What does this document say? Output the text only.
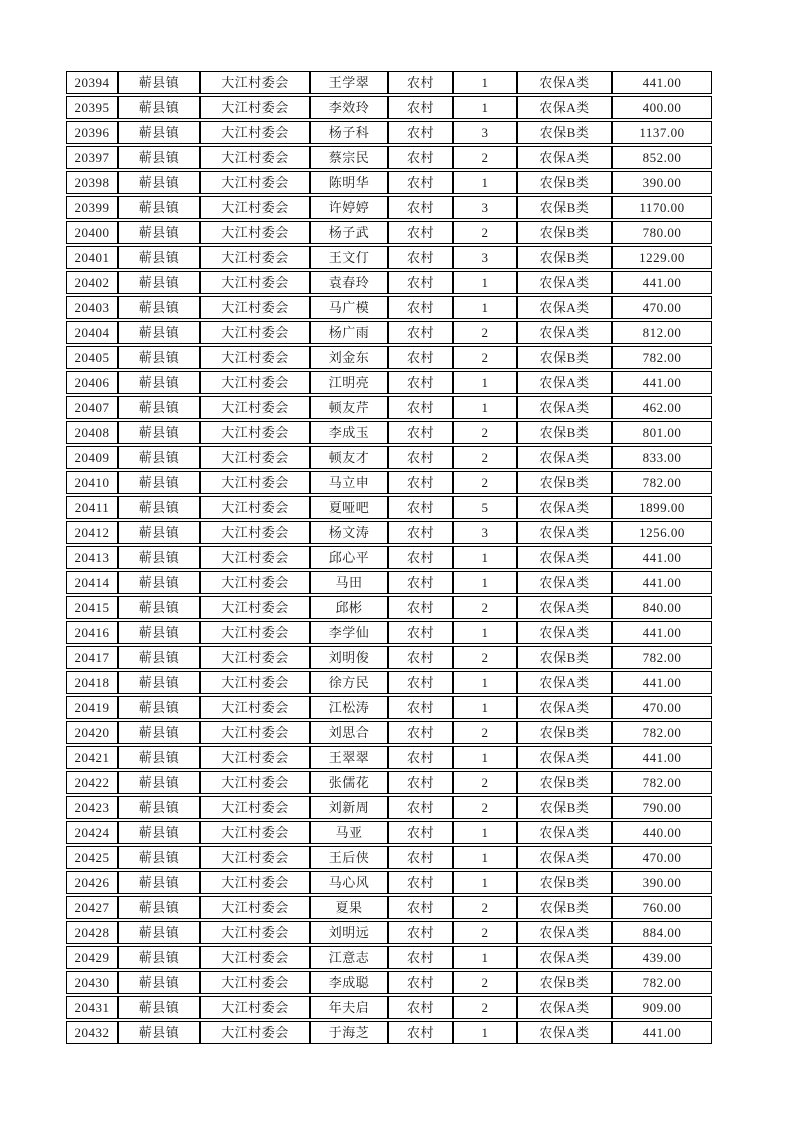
20394	蕲县镇	大江村委会	王学翠	农村	1	农保A类	441.00
20395	蕲县镇	大江村委会	李效玲	农村	1	农保A类	400.00
20396	蕲县镇	大江村委会	杨子科	农村	3	农保B类	1137.00
20397	蕲县镇	大江村委会	蔡宗民	农村	2	农保A类	852.00
20398	蕲县镇	大江村委会	陈明华	农村	1	农保B类	390.00
20399	蕲县镇	大江村委会	许婷婷	农村	3	农保B类	1170.00
20400	蕲县镇	大江村委会	杨子武	农村	2	农保B类	780.00
20401	蕲县镇	大江村委会	王文仃	农村	3	农保B类	1229.00
20402	蕲县镇	大江村委会	袁春玲	农村	1	农保A类	441.00
20403	蕲县镇	大江村委会	马广模	农村	1	农保A类	470.00
20404	蕲县镇	大江村委会	杨广雨	农村	2	农保A类	812.00
20405	蕲县镇	大江村委会	刘金东	农村	2	农保B类	782.00
20406	蕲县镇	大江村委会	江明亮	农村	1	农保A类	441.00
20407	蕲县镇	大江村委会	顿友芹	农村	1	农保A类	462.00
20408	蕲县镇	大江村委会	李成玉	农村	2	农保B类	801.00
20409	蕲县镇	大江村委会	顿友才	农村	2	农保A类	833.00
20410	蕲县镇	大江村委会	马立申	农村	2	农保B类	782.00
20411	蕲县镇	大江村委会	夏哑吧	农村	5	农保A类	1899.00
20412	蕲县镇	大江村委会	杨文涛	农村	3	农保A类	1256.00
20413	蕲县镇	大江村委会	邱心平	农村	1	农保A类	441.00
20414	蕲县镇	大江村委会	马田	农村	1	农保A类	441.00
20415	蕲县镇	大江村委会	邱彬	农村	2	农保A类	840.00
20416	蕲县镇	大江村委会	李学仙	农村	1	农保A类	441.00
20417	蕲县镇	大江村委会	刘明俊	农村	2	农保B类	782.00
20418	蕲县镇	大江村委会	徐方民	农村	1	农保A类	441.00
20419	蕲县镇	大江村委会	江松涛	农村	1	农保A类	470.00
20420	蕲县镇	大江村委会	刘思合	农村	2	农保B类	782.00
20421	蕲县镇	大江村委会	王翠翠	农村	1	农保A类	441.00
20422	蕲县镇	大江村委会	张儒花	农村	2	农保B类	782.00
20423	蕲县镇	大江村委会	刘新周	农村	2	农保B类	790.00
20424	蕲县镇	大江村委会	马亚	农村	1	农保A类	440.00
20425	蕲县镇	大江村委会	王后侠	农村	1	农保A类	470.00
20426	蕲县镇	大江村委会	马心风	农村	1	农保B类	390.00
20427	蕲县镇	大江村委会	夏果	农村	2	农保B类	760.00
20428	蕲县镇	大江村委会	刘明远	农村	2	农保A类	884.00
20429	蕲县镇	大江村委会	江意志	农村	1	农保A类	439.00
20430	蕲县镇	大江村委会	李成聪	农村	2	农保B类	782.00
20431	蕲县镇	大江村委会	年夫启	农村	2	农保A类	909.00
20432	蕲县镇	大江村委会	于海芝	农村	1	农保A类	441.00
